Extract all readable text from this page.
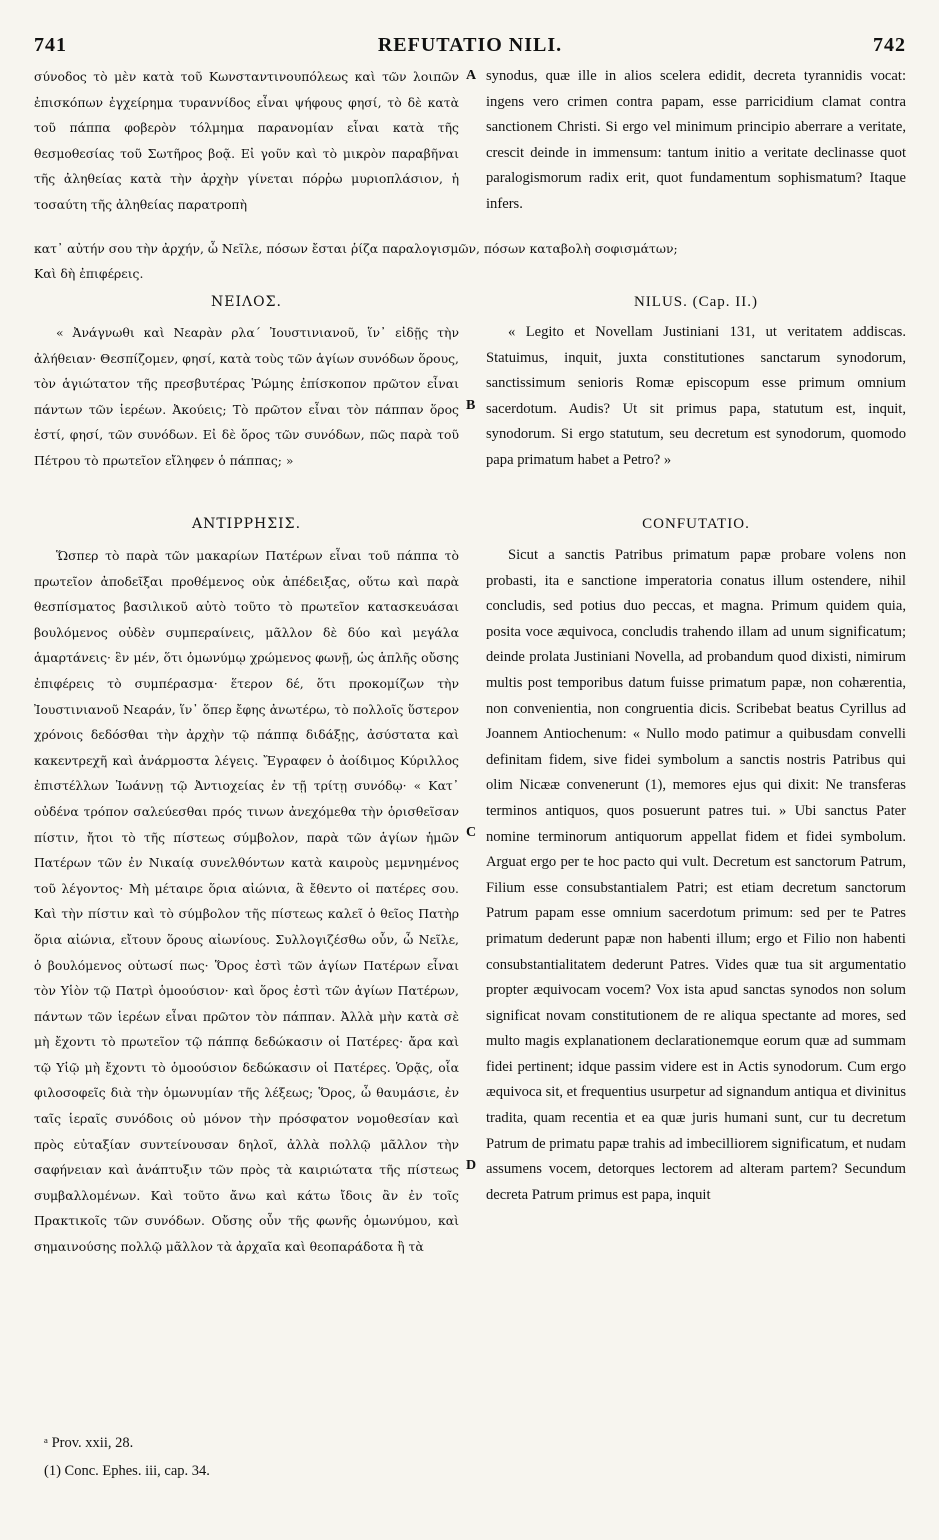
741	REFUTATIO NILI.	742
σύνοδος τὸ μὲν κατὰ τοῦ Κωνσταντινουπόλεως καὶ τῶν λοιπῶν ἐπισκόπων ἐγχείρημα τυραννίδος εἶναι ψήφους φησί, τὸ δὲ κατὰ τοῦ πάππα φοβερὸν τόλμημα παρανομίαν εἶναι κατὰ τῆς θεσμοθεσίας τοῦ Σωτῆρος βοᾷ. Εἰ γοῦν καὶ τὸ μικρὸν παραβῆναι τῆς ἀληθείας κατὰ τὴν ἀρχὴν γίνεται πόρῥω μυριοπλάσιον, ἡ τοσαύτη τῆς ἀληθείας παρατροπὴ
synodus, quæ ille in alios scelera edidit, decreta tyrannidis vocat: ingens vero crimen contra papam, esse parricidium clamat contra sanctionem Christi. Si ergo vel minimum principio aberrare a veritate, crescit deinde in immensum: tantum initio a veritate declinasse quot paralogismorum radix erit, quot fundamentum sophismatum? Itaque infers.
κατ᾽ αὐτήν σου τὴν ἀρχήν, ὦ Νεῖλε, πόσων ἔσται ῥίζα παραλογισμῶν, πόσων καταβολὴ σοφισμάτων;
Καὶ δὴ ἐπιφέρεις.
A
ΝΕΙΛΟΣ.	NILUS. (Cap. II.)
« Ἀνάγνωθι καὶ Νεαρὰν ρλα´ Ἰουστινιανοῦ, ἵν᾽ εἰδῇς τὴν ἀλήθειαν· Θεσπίζομεν, φησί, κατὰ τοὺς τῶν ἁγίων συνόδων ὅρους, τὸν ἁγιώτατον τῆς πρεσβυτέρας Ῥώμης ἐπίσκοπον πρῶτον εἶναι πάντων τῶν ἱερέων. Ἀκούεις; Τὸ πρῶτον εἶναι τὸν πάππαν ὅρος ἐστί, φησί, τῶν συνόδων. Εἰ δὲ ὅρος τῶν συνόδων, πῶς παρὰ τοῦ Πέτρου τὸ πρωτεῖον εἴληφεν ὁ πάππας; »
« Legito et Novellam Justiniani 131, ut veritatem addiscas. Statuimus, inquit, juxta constitutiones sanctarum synodorum, sanctissimum senioris Romæ episcopum esse primum omnium sacerdotum. Audis? Ut sit primus papa, statutum est, inquit, synodorum. Si ergo statutum, seu decretum est synodorum, quomodo papa primatum habet a Petro? »
B
ΑΝΤΙΡΡΗΣΙΣ.	CONFUTATIO.
Ὥσπερ τὸ παρὰ τῶν μακαρίων Πατέρων εἶναι τοῦ πάππα τὸ πρωτεῖον ἀποδεῖξαι προθέμενος οὐκ ἀπέδειξας, οὕτω καὶ παρὰ θεσπίσματος βασιλικοῦ αὐτὸ τοῦτο τὸ πρωτεῖον κατασκευάσαι βουλόμενος οὐδὲν συμπεραίνεις, μᾶλλον δὲ δύο καὶ μεγάλα ἁμαρτάνεις· ἓν μέν, ὅτι ὁμωνύμῳ χρώμενος φωνῇ, ὡς ἁπλῆς οὔσης ἐπιφέρεις τὸ συμπέρασμα· ἕτερον δέ, ὅτι προκομίζων τὴν Ἰουστινιανοῦ Νεαράν, ἵν᾽ ὅπερ ἔφης ἀνωτέρω, τὸ πολλοῖς ὕστερον χρόνοις δεδόσθαι τὴν ἀρχὴν τῷ πάππᾳ διδάξῃς, ἀσύστατα καὶ κακεντρεχῆ καὶ ἀνάρμοστα λέγεις. Ἔγραφεν ὁ ἀοίδιμος Κύριλλος ἐπιστέλλων Ἰωάννῃ τῷ Ἀντιοχείας ἐν τῇ τρίτῃ συνόδῳ· « Κατ᾽ οὐδένα τρόπον σαλεύεσθαι πρός τινων ἀνεχόμεθα τὴν ὁρισθεῖσαν πίστιν, ἤτοι τὸ τῆς πίστεως σύμβολον, παρὰ τῶν ἁγίων ἡμῶν Πατέρων τῶν ἐν Νικαίᾳ συνελθόντων κατὰ καιροὺς μεμνημένος τοῦ λέγοντος· Μὴ μέταιρε ὅρια αἰώνια, ἃ ἔθεντο οἱ πατέρες σου. Καὶ τὴν πίστιν καὶ τὸ σύμβολον τῆς πίστεως καλεῖ ὁ θεῖος Πατὴρ ὅρια αἰώνια, εἴτουν ὅρους αἰωνίους. Συλλογιζέσθω οὖν, ὦ Νεῖλε, ὁ βουλόμενος οὑτωσί πως· Ὅρος ἐστὶ τῶν ἁγίων Πατέρων εἶναι τὸν Υἱὸν τῷ Πατρὶ ὁμοούσιον· καὶ ὅρος ἐστὶ τῶν ἁγίων Πατέρων, πάντων τῶν ἱερέων εἶναι πρῶτον τὸν πάππαν. Ἀλλὰ μὴν κατὰ σὲ μὴ ἔχοντι τὸ πρωτεῖον τῷ πάππᾳ δεδώκασιν οἱ Πατέρες· ἄρα καὶ τῷ Υἱῷ μὴ ἔχοντι τὸ ὁμοούσιον δεδώκασιν οἱ Πατέρες. Ὁρᾷς, οἷα φιλοσοφεῖς διὰ τὴν ὁμωνυμίαν τῆς λέξεως; Ὅρος, ὦ θαυμάσιε, ἐν ταῖς ἱεραῖς συνόδοις οὐ μόνον τὴν πρόσφατον νομοθεσίαν καὶ πρὸς εὐταξίαν συντείνουσαν δηλοῖ, ἀλλὰ πολλῷ μᾶλλον τὴν σαφήνειαν καὶ ἀνάπτυξιν τῶν πρὸς τὰ καιριώτατα τῆς πίστεως συμβαλλομένων. Καὶ τοῦτο ἄνω καὶ κάτω ἴδοις ἂν ἐν τοῖς Πρακτικοῖς τῶν συνόδων. Οὔσης οὖν τῆς φωνῆς ὁμωνύμου, καὶ σημαινούσης πολλῷ μᾶλλον τὰ ἀρχαῖα καὶ θεοπαράδοτα ἢ τὰ
Sicut a sanctis Patribus primatum papæ probare volens non probasti, ita e sanctione imperatoria conatus illum ostendere, nihil concludis, sed potius duo peccas, et magna. Primum quidem quia, posita voce æquivoca, concludis trahendo illam ad unum significatum; deinde prolata Justiniani Novella, ad probandum quod dixisti, nimirum multis post temporibus datum fuisse primatum papæ, non cohærentia, non convenientia, non congruentia dicis. Scribebat beatus Cyrillus ad Joannem Antiochenum: « Nullo modo patimur a quibusdam convelli definitam fidem, sive fidei symbolum a sanctis nostris Patribus qui olim Nicææ convenerunt (1), memores ejus qui dixit: Ne transferas terminos antiquos, quos posuerunt patres tui. » Ubi sanctus Pater nomine terminorum antiquorum appellat fidem et fidei symbolum. Arguat ergo per te hoc pacto qui vult. Decretum est sanctorum Patrum, Filium esse consubstantialem Patri; est etiam decretum sanctorum Patrum papam esse omnium sacerdotum primum: sed per te Patres primatum dederunt papæ non habenti illum; ergo et Filio non habenti consubstantialitatem dederunt Patres. Vides quæ tua sit argumentatio propter æquivocam vocem? Vox ista apud sanctas synodos non solum significat novam constitutionem de re aliqua spectante ad mores, sed multo magis explanationem declarationemque eorum quæ ad summam fidei pertinent; idque passim videre est in Actis synodorum. Cum ergo æquivoca sit, et frequentius usurpetur ad signandum antiqua et divinitus tradita, quam recentia et ea quæ juris humani sunt, cur tu decretum Patrum de primatu papæ trahis ad imbecilliorem significatum, et nudam assumens vocem, detorques lectorem ad alteram partem? Secundum decreta Patrum primus est papa, inquit
C
D
ᵃ Prov. xxii, 28.
(1) Conc. Ephes. iii, cap. 34.
